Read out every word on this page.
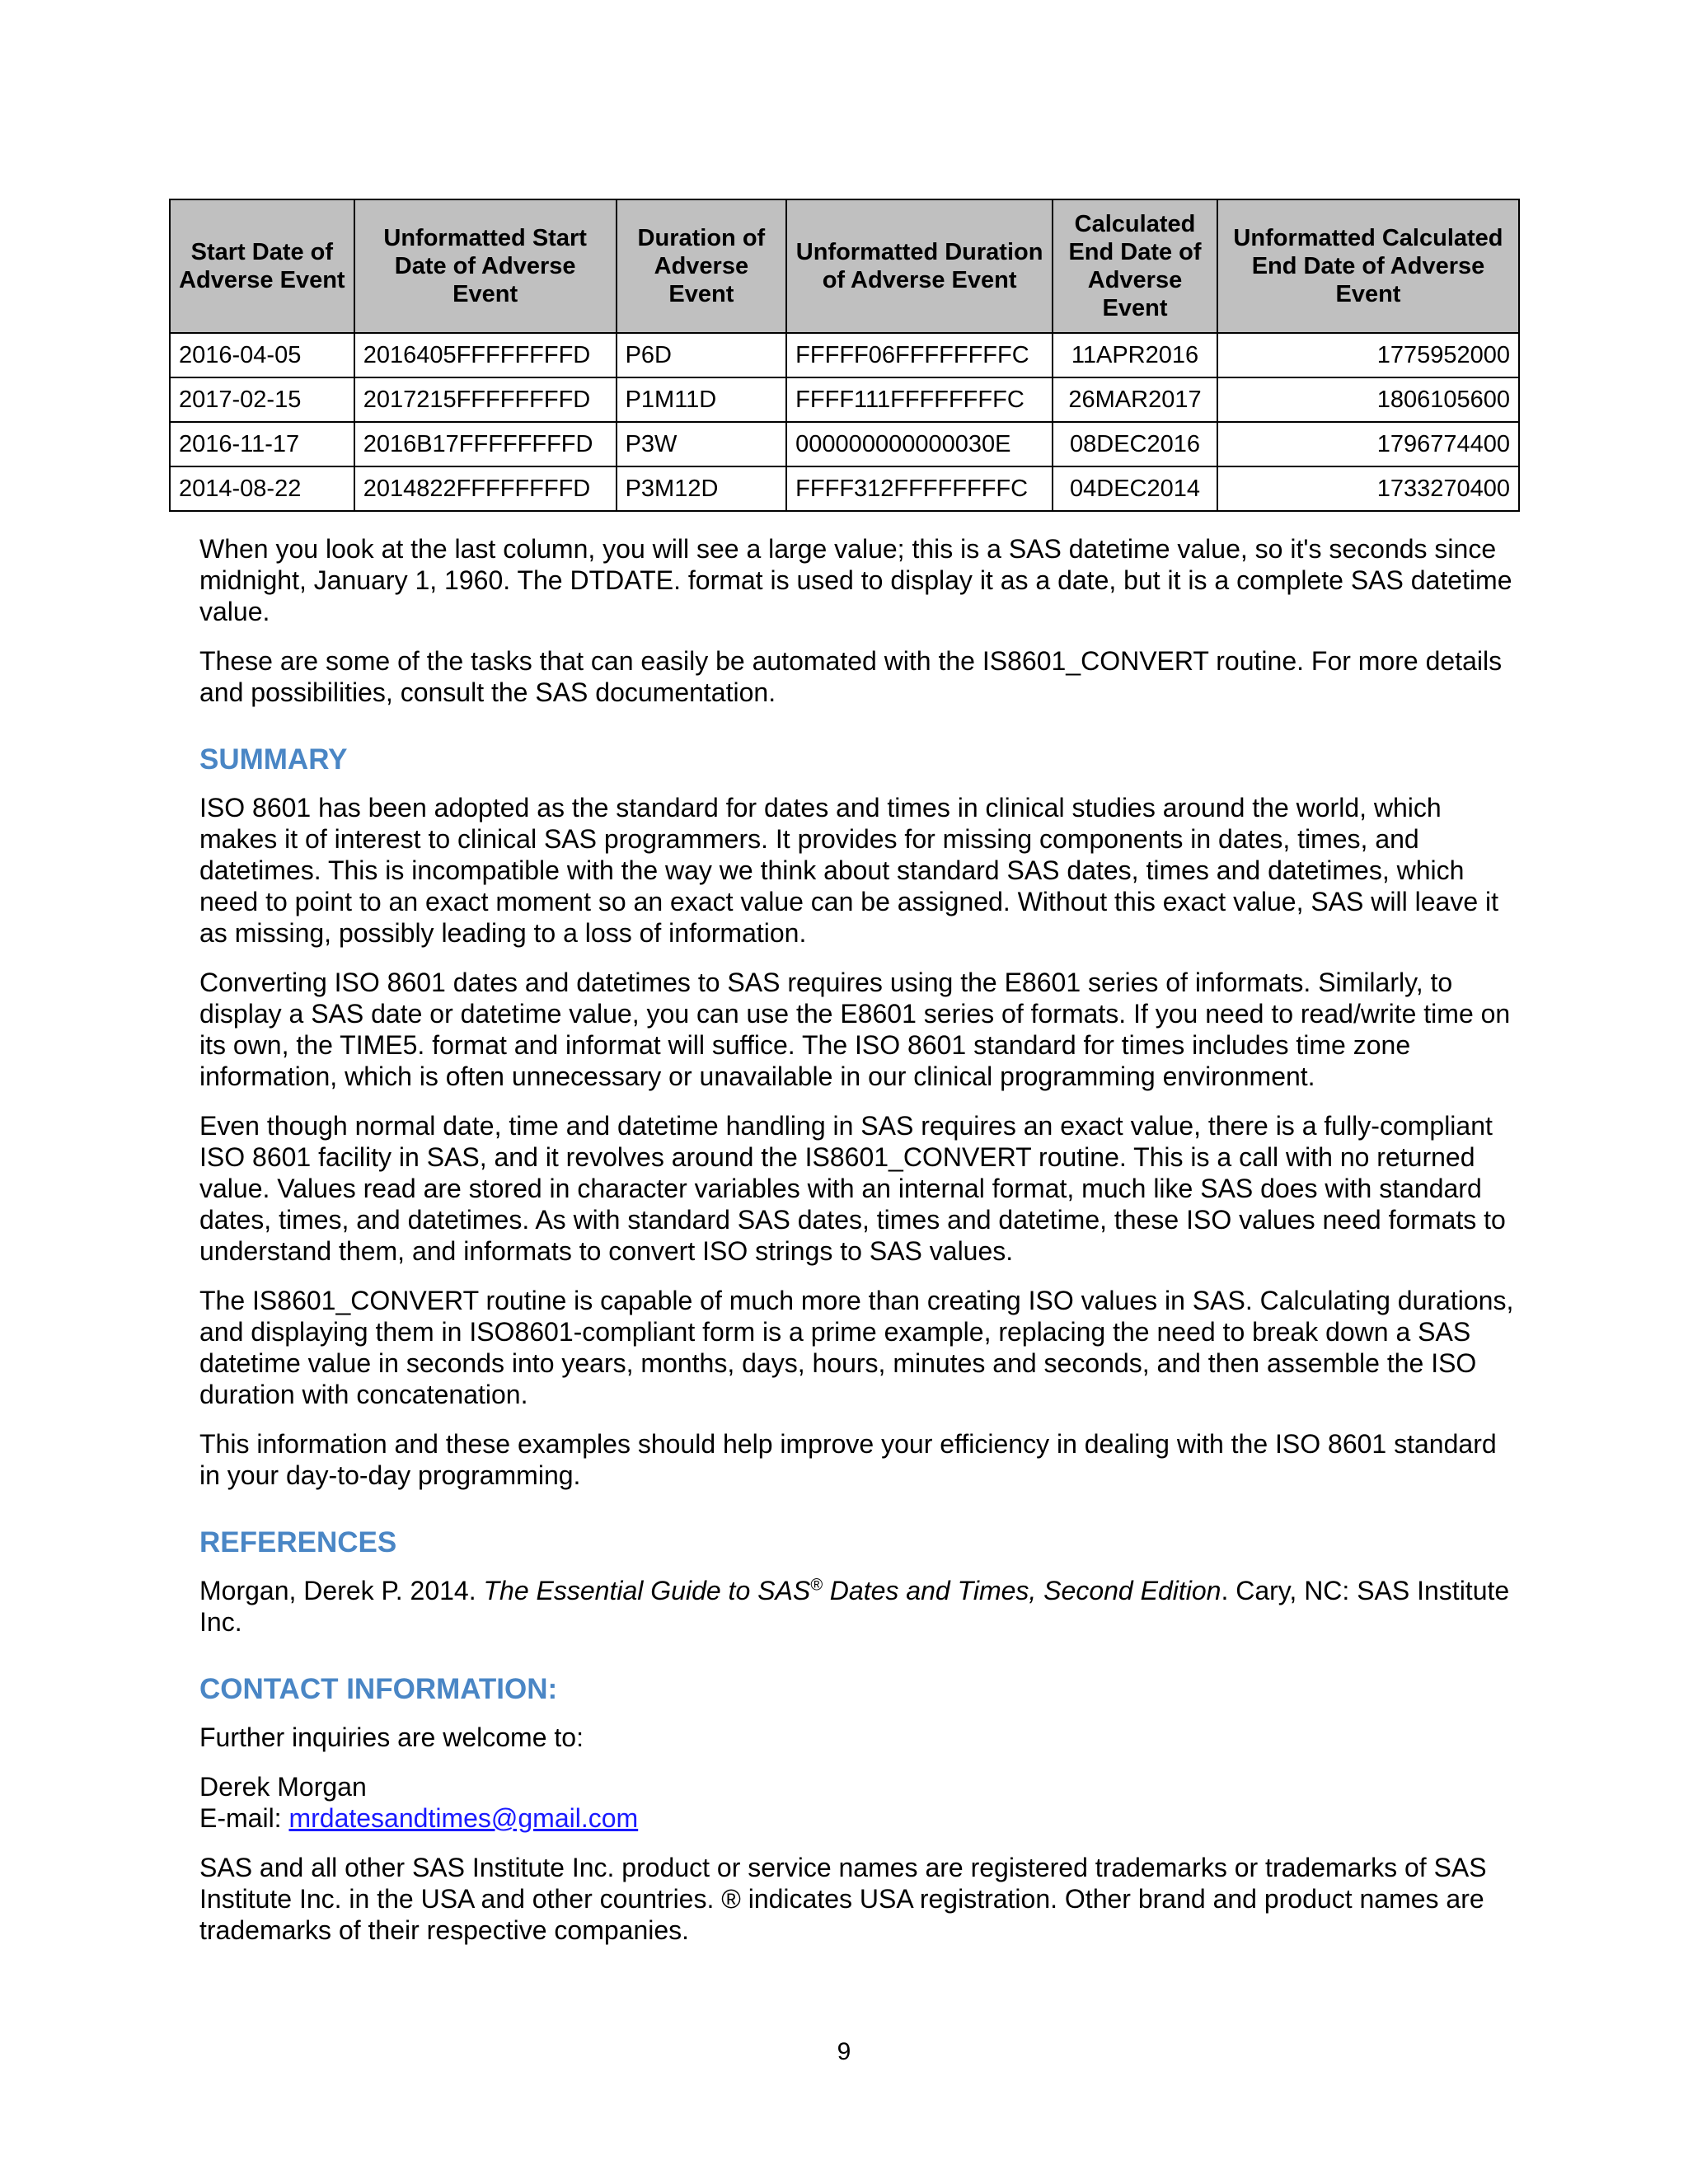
Start Date of Adverse Event	Unformatted Start Date of Adverse Event	Duration of Adverse Event	Unformatted Duration of Adverse Event	Calculated End Date of Adverse Event	Unformatted Calculated End Date of Adverse Event
2016-04-05	2016405FFFFFFFFD	P6D	FFFFF06FFFFFFFFC	11APR2016	1775952000
2017-02-15	2017215FFFFFFFFD	P1M11D	FFFF111FFFFFFFFC	26MAR2017	1806105600
2016-11-17	2016B17FFFFFFFFD	P3W	000000000000030E	08DEC2016	1796774400
2014-08-22	2014822FFFFFFFFD	P3M12D	FFFF312FFFFFFFFC	04DEC2014	1733270400

When you look at the last column, you will see a large value; this is a SAS datetime value, so it's seconds since midnight, January 1, 1960. The DTDATE. format is used to display it as a date, but it is a complete SAS datetime value.

These are some of the tasks that can easily be automated with the IS8601_CONVERT routine. For more details and possibilities, consult the SAS documentation.

SUMMARY

ISO 8601 has been adopted as the standard for dates and times in clinical studies around the world, which makes it of interest to clinical SAS programmers. It provides for missing components in dates, times, and datetimes. This is incompatible with the way we think about standard SAS dates, times and datetimes, which need to point to an exact moment so an exact value can be assigned. Without this exact value, SAS will leave it as missing, possibly leading to a loss of information.

Converting ISO 8601 dates and datetimes to SAS requires using the E8601 series of informats. Similarly, to display a SAS date or datetime value, you can use the E8601 series of formats. If you need to read/write time on its own, the TIME5. format and informat will suffice. The ISO 8601 standard for times includes time zone information, which is often unnecessary or unavailable in our clinical programming environment.

Even though normal date, time and datetime handling in SAS requires an exact value, there is a fully-compliant ISO 8601 facility in SAS, and it revolves around the IS8601_CONVERT routine. This is a call with no returned value. Values read are stored in character variables with an internal format, much like SAS does with standard dates, times, and datetimes. As with standard SAS dates, times and datetime, these ISO values need formats to understand them, and informats to convert ISO strings to SAS values.

The IS8601_CONVERT routine is capable of much more than creating ISO values in SAS. Calculating durations, and displaying them in ISO8601-compliant form is a prime example, replacing the need to break down a SAS datetime value in seconds into years, months, days, hours, minutes and seconds, and then assemble the ISO duration with concatenation.

This information and these examples should help improve your efficiency in dealing with the ISO 8601 standard in your day-to-day programming.

REFERENCES

Morgan, Derek P. 2014. The Essential Guide to SAS® Dates and Times, Second Edition. Cary, NC: SAS Institute Inc.

CONTACT INFORMATION:

Further inquiries are welcome to:

Derek Morgan
E-mail: mrdatesandtimes@gmail.com

SAS and all other SAS Institute Inc. product or service names are registered trademarks or trademarks of SAS Institute Inc. in the USA and other countries. ® indicates USA registration. Other brand and product names are trademarks of their respective companies.

9
